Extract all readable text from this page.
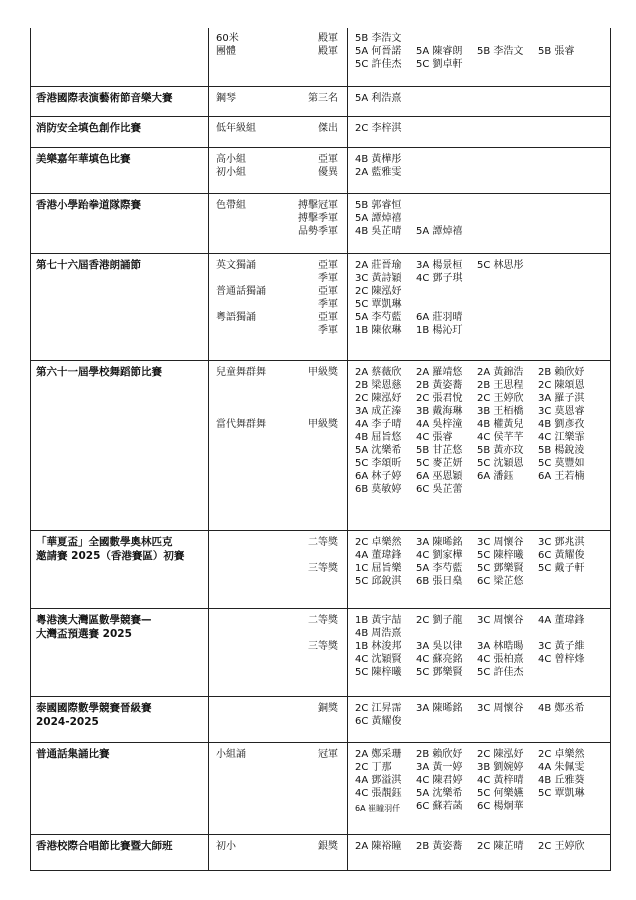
60米	殿軍 5B 李浩文
團體	殿軍 5A 何晉諾 5A 陳睿朗 5B 李浩文 5B 張睿
5C 許佳杰 5C 劉卓軒
香港國際表演藝術節音樂大賽	鋼琴	第三名 5A 利浩熹
消防安全填色創作比賽	低年級組	傑出 2C 李梓淇
美樂嘉年華填色比賽	高小組	亞軍 4B 黃樺彤
初小組	優異 2A 藍雅雯
香港小學跆拳道隊際賽	色帶組	搏擊冠軍 5B 郭睿恒
搏擊季軍 5A 譚焯禧
品勢季軍 4B 吳芷晴 5A 譚焯禧
第七十六屆香港朗誦節	英文獨誦	亞軍 2A 莊晉瑜 3A 楊景桓 5C 林思彤
季軍 3C 黃詩穎 4C 鄧子琪
普通話獨誦	亞軍 2C 陳泓妤
季軍 5C 覃凱琳
粵語獨誦	亞軍 5A 李芍藍 6A 莊羽晴
季軍 1B 陳依琳 1B 楊沁玎
第六十一屆學校舞蹈節比賽	兒童舞群舞	甲級獎 2A 蔡薇欣 2A 羅靖悠 2A 黃錦浩 2B 賴欣妤
2B 梁恩慈 2B 黃姿蕎 2B 王思程 2C 陳頌恩
2C 陳泓妤 2C 張君悅 2C 王婷欣 3A 羅子淇
3A 成芷溱 3B 戴海琳 3B 王栢橋 3C 莫恩睿
當代舞群舞	甲級獎 4A 李子晴 4A 吳梓潼 4B 權黃兒 4B 劉彥孜
4B 屈旨悠 4C 張睿 4C 侯芊芊 4C 江樂霏
5A 沈樂希 5B 甘芷悠 5B 黃亦玟 5B 楊銳淩
5C 李頌昕 5C 麥芷妍 5C 沈穎恩 5C 莫豐如
6A 林子婷 6A 巫恩穎 6A 潘鈺 6A 王若楠
6B 莫敏婷 6C 吳芷蕾
「華夏盃」全國數學奧林匹克
邀請賽 2025（香港賽區）初賽
二等獎 2C 卓樂然 3A 陳晞銘 3C 周懷谷 3C 鄧兆淇
4A 董瑋鋒 4C 劉家樺 5C 陳梓曦 6C 黃耀俊
三等獎 1C 屈旨樂 5A 李芍藍 5C 鄧樂賢 5C 戴子軒
5C 邱銳淇 6B 張日燊 6C 梁芷悠
粵港澳大灣區數學競賽—
大灣盃預選賽 2025
二等獎 1B 黃宇喆 2C 劉子龍 3C 周懷谷 4A 董瑋鋒
4B 周浩熹
三等獎 1B 林浚邦 3A 吳以律 3A 林晧暘 3C 黃子維
4C 沈穎賢 4C 蘇亮銘 4C 張柏熹 4C 曾梓烽
5C 陳梓曦 5C 鄧樂賢 5C 許佳杰
泰國國際數學競賽晉級賽
2024-2025
銅獎 2C 江昇霈 3A 陳晞銘 3C 周懷谷 4B 鄭丞希
6C 黃耀俊
普通話集誦比賽	小組誦	冠軍 2A 鄭采珊 2B 賴欣妤 2C 陳泓妤 2C 卓樂然
2C 丁那 3A 黃一婷 3B 劉婉婷 4A 朱佩雯
4A 鄧溢淇 4C 陳君婷 4C 黃梓晴 4B 丘雅葵
4C 張靚鈺 5A 沈樂希 5C 何樂嬿 5C 覃凱琳
6A 崔瞳羽仟 6C 蘇若菡 6C 楊炯華
香港校際合唱節比賽暨大師班	初小	銀獎 2A 陳裕瞳 2B 黃姿蕎 2C 陳芷晴 2C 王婷欣
